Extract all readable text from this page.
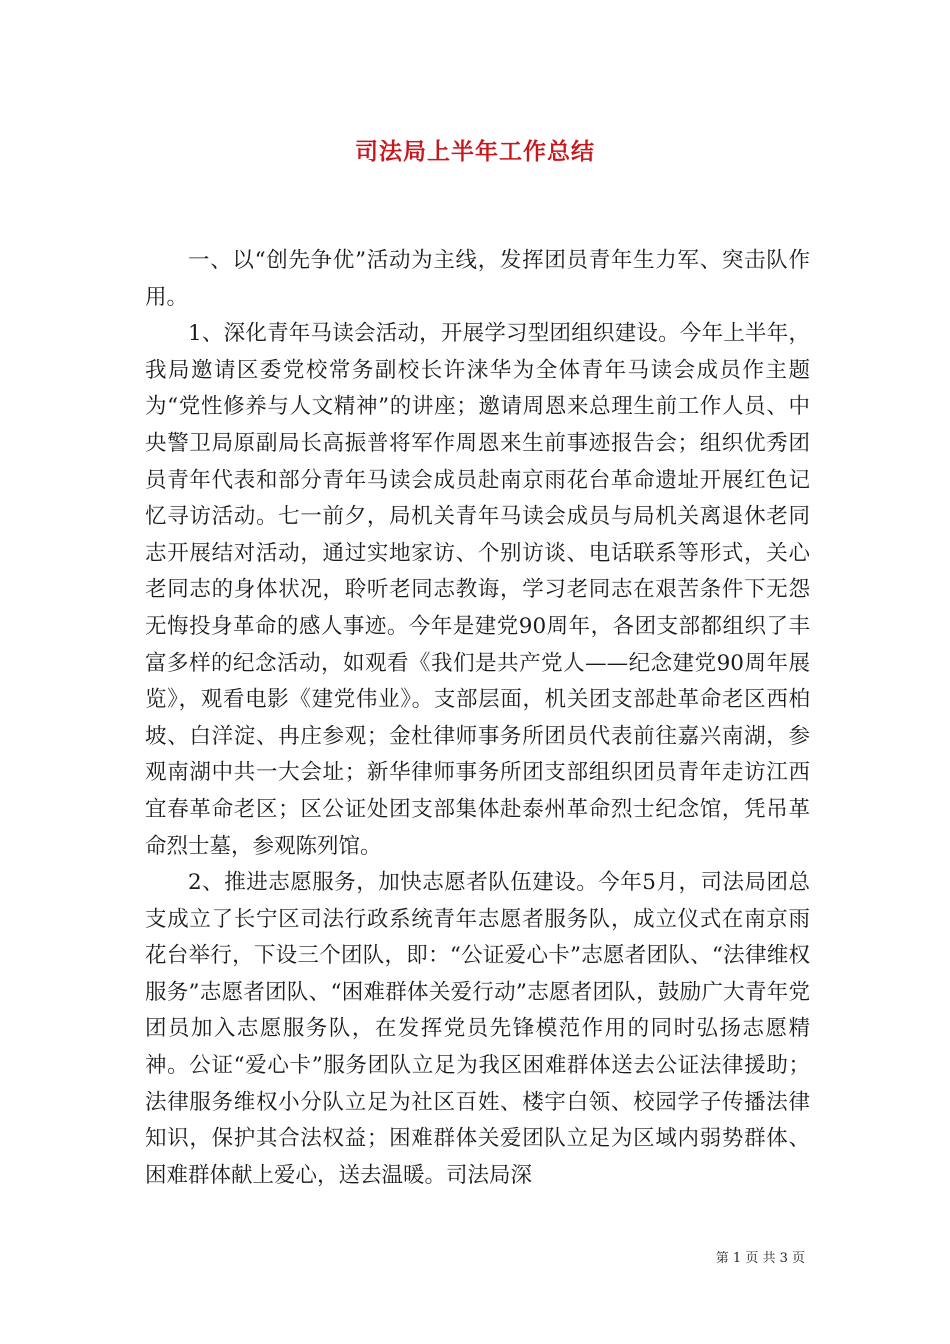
司法局上半年工作总结

一、以“创先争优”活动为主线，发挥团员青年生力军、突击队作用。

1、深化青年马读会活动，开展学习型团组织建设。今年上半年，我局邀请区委党校常务副校长许涞华为全体青年马读会成员作主题为“党性修养与人文精神”的讲座；邀请周恩来总理生前工作人员、中央警卫局原副局长高振普将军作周恩来生前事迹报告会；组织优秀团员青年代表和部分青年马读会成员赴南京雨花台革命遗址开展红色记忆寻访活动。七一前夕，局机关青年马读会成员与局机关离退休老同志开展结对活动，通过实地家访、个别访谈、电话联系等形式，关心老同志的身体状况，聆听老同志教诲，学习老同志在艰苦条件下无怨无悔投身革命的感人事迹。今年是建党90周年，各团支部都组织了丰富多样的纪念活动，如观看《我们是共产党人——纪念建党90周年展览》，观看电影《建党伟业》。支部层面，机关团支部赴革命老区西柏坡、白洋淀、冉庄参观；金杜律师事务所团员代表前往嘉兴南湖，参观南湖中共一大会址；新华律师事务所团支部组织团员青年走访江西宜春革命老区；区公证处团支部集体赴泰州革命烈士纪念馆，凭吊革命烈士墓，参观陈列馆。

2、推进志愿服务，加快志愿者队伍建设。今年5月，司法局团总支成立了长宁区司法行政系统青年志愿者服务队，成立仪式在南京雨花台举行，下设三个团队，即：“公证爱心卡”志愿者团队、“法律维权服务”志愿者团队、“困难群体关爱行动”志愿者团队，鼓励广大青年党团员加入志愿服务队，在发挥党员先锋模范作用的同时弘扬志愿精神。公证“爱心卡”服务团队立足为我区困难群体送去公证法律援助；法律服务维权小分队立足为社区百姓、楼宇白领、校园学子传播法律知识，保护其合法权益；困难群体关爱团队立足为区域内弱势群体、困难群体献上爱心，送去温暖。司法局深

第 1 页 共 3 页
